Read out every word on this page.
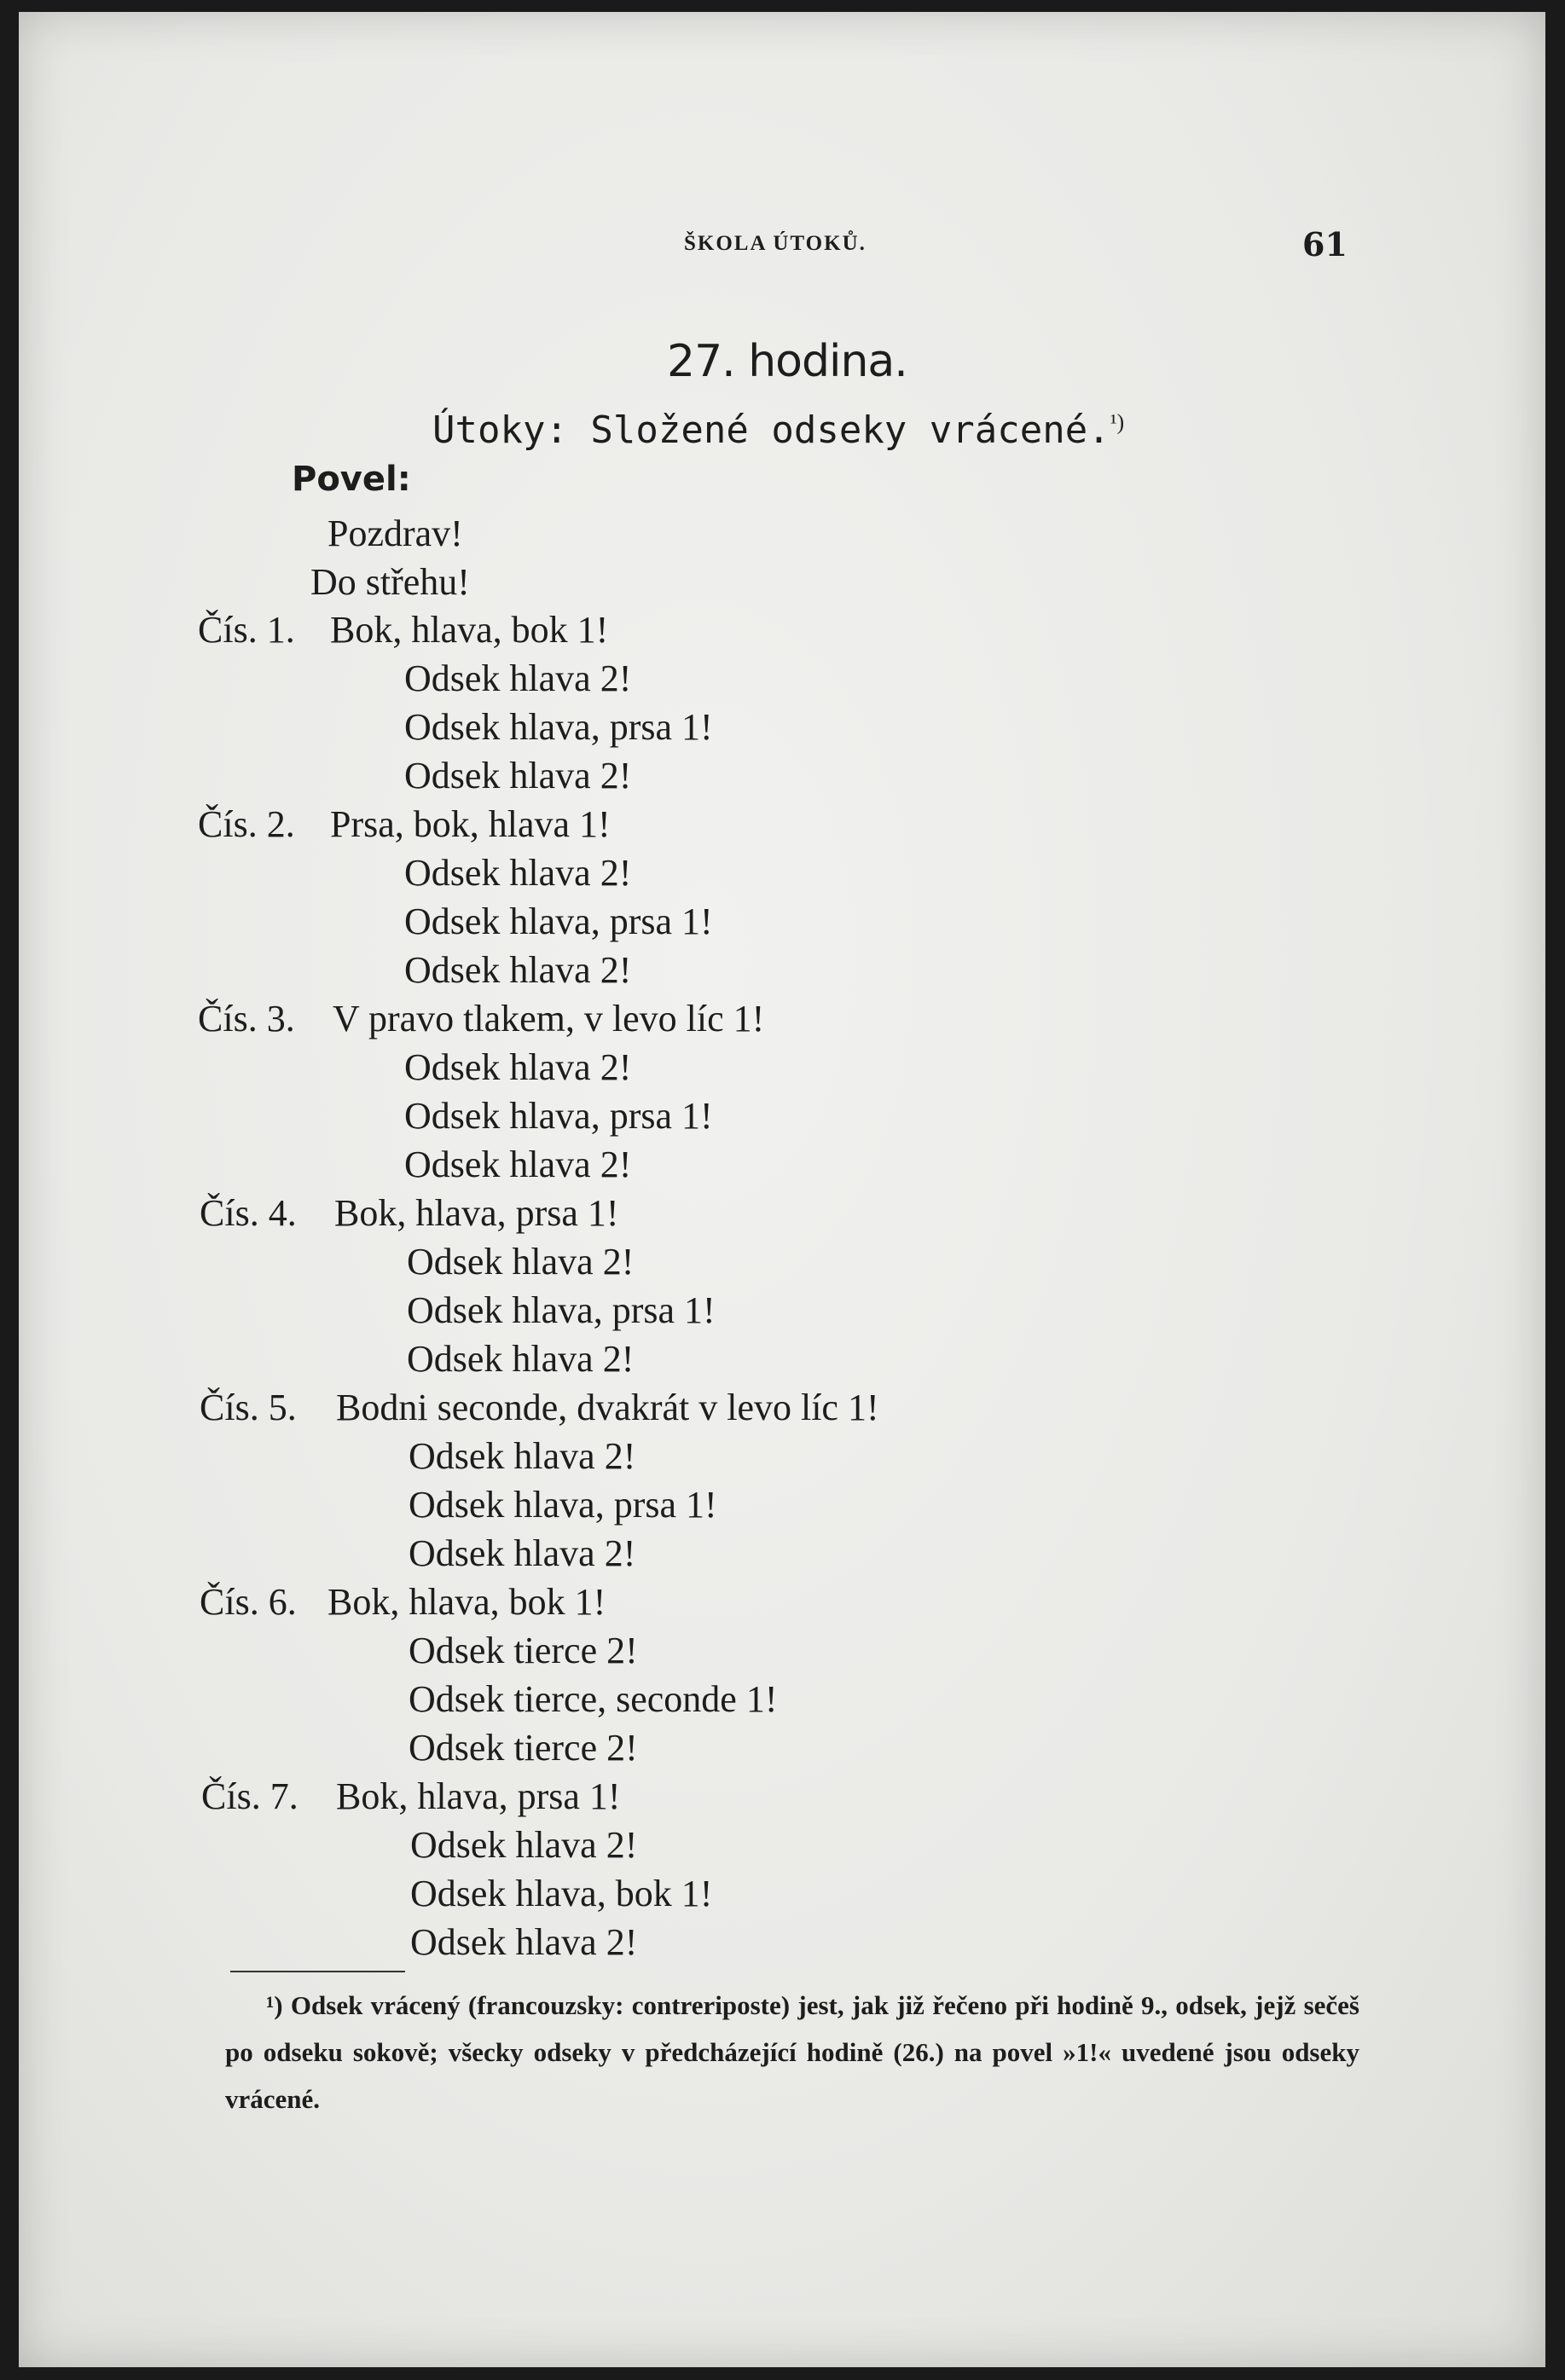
ŠKOLA ÚTOKŮ.	61
27. hodina.
Útoky: Složené odseky vrácené.$^{^1)}$
Povel:
Pozdrav!
Do střehu!
Čís. 1. Bok, hlava, bok 1!
Odsek hlava 2!
Odsek hlava, prsa 1!
Odsek hlava 2!
Čís. 2. Prsa, bok, hlava 1!
Odsek hlava 2!
Odsek hlava, prsa 1!
Odsek hlava 2!
Čís. 3. V pravo tlakem, v levo líc 1!
Odsek hlava 2!
Odsek hlava, prsa 1!
Odsek hlava 2!
Čís. 4. Bok, hlava, prsa 1!
Odsek hlava 2!
Odsek hlava, prsa 1!
Odsek hlava 2!
Čís. 5. Bodni seconde, dvakrát v levo líc 1!
Odsek hlava 2!
Odsek hlava, prsa 1!
Odsek hlava 2!
Čís. 6. Bok, hlava, bok 1!
Odsek tierce 2!
Odsek tierce, seconde 1!
Odsek tierce 2!
Čís. 7. Bok, hlava, prsa 1!
Odsek hlava 2!
Odsek hlava, bok 1!
Odsek hlava 2!
¹) Odsek vrácený (francouzsky: contreriposte) jest, jak již řečeno při hodině 9., odsek, jejž sečeš po odseku sokově; všecky odseky v předcházející hodině (26.) na povel »1!« uvedené jsou odseky vrácené.
